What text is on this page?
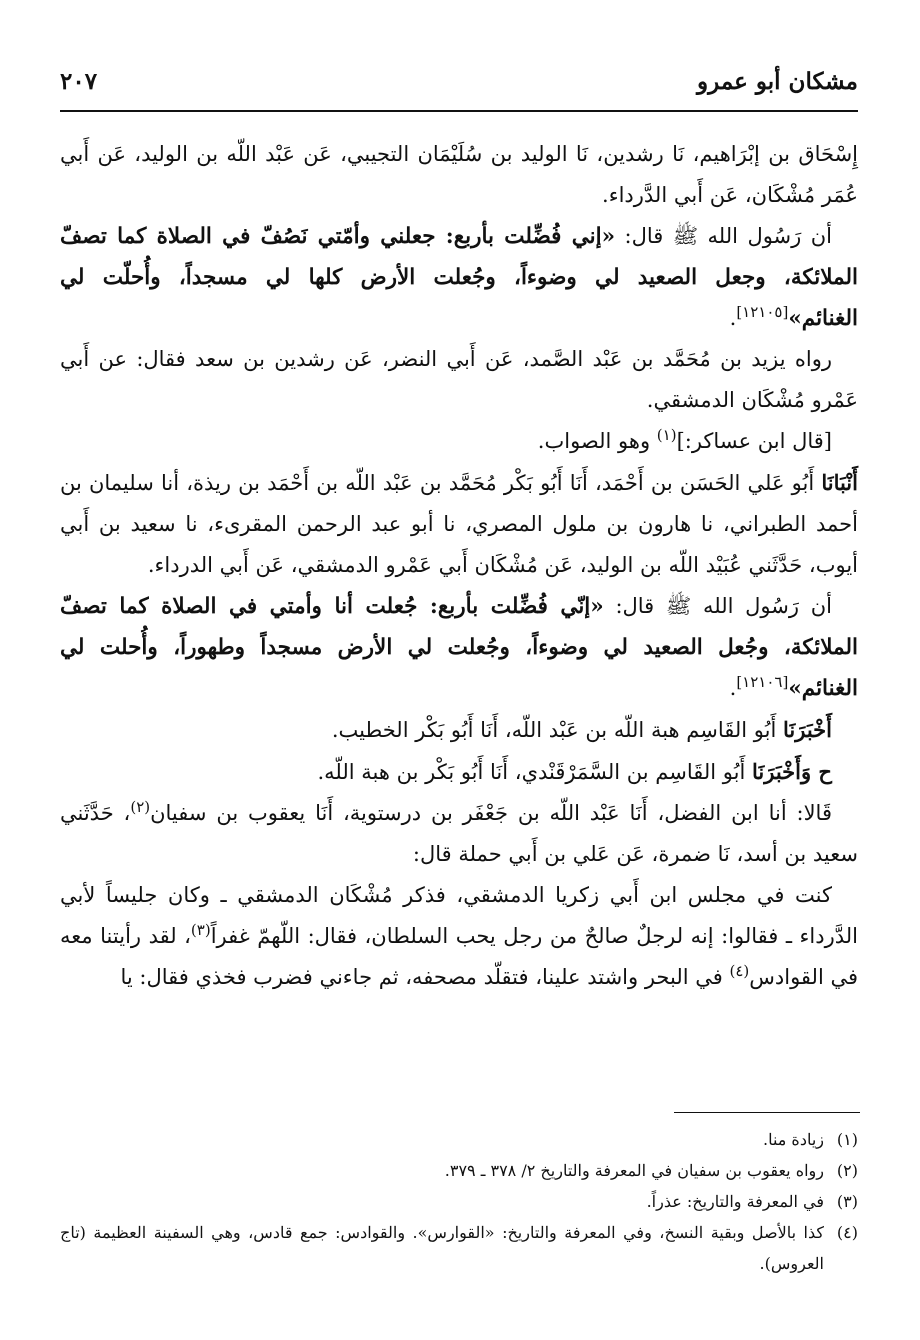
مشكان أبو عمرو
٢٠٧

إِسْحَاق بن إبْرَاهيم، نَا رشدين، نَا الوليد بن سُلَيْمَان التجيبي، عَن عَبْد اللّه بن الوليد، عَن أَبي عُمَر مُشْكَان، عَن أَبي الدَّرداء.

أن رَسُول الله ﷺ قال: «إني فُضِّلت بأربع: جعلني وأمّتي نَصُفّ في الصلاة كما تصفّ الملائكة، وجعل الصعيد لي وضوءاً، وجُعلت الأرض كلها لي مسجداً، وأُحلّت لي الغنائم»[١٢١٠٥].

رواه يزيد بن مُحَمَّد بن عَبْد الصَّمد، عَن أَبي النضر، عَن رشدين بن سعد فقال: عن أَبي عَمْرو مُشْكَان الدمشقي.

[قال ابن عساكر:]$^{(١)}$ وهو الصواب.

أَنْبَانَا أَبُو عَلي الحَسَن بن أَحْمَد، أَنَا أَبُو بَكْر مُحَمَّد بن عَبْد اللّه بن أَحْمَد بن ريذة، أنا سليمان بن أحمد الطبراني، نا هارون بن ملول المصري، نا أبو عبد الرحمن المقرىء، نا سعيد بن أَبي أيوب، حَدَّثَني عُبَيْد اللّه بن الوليد، عَن مُشْكَان أَبي عَمْرو الدمشقي، عَن أَبي الدرداء.

أن رَسُول الله ﷺ قال: «إنّي فُضِّلت بأربع: جُعلت أنا وأمتي في الصلاة كما تصفّ الملائكة، وجُعل الصعيد لي وضوءاً، وجُعلت لي الأرض مسجداً وطهوراً، وأُحلت لي الغنائم»[١٢١٠٦].

أَخْبَرَنَا أَبُو القَاسِم هبة اللّه بن عَبْد اللّه، أَنَا أَبُو بَكْر الخطيب.

ح وَأَخْبَرَنَا أَبُو القَاسِم بن السَّمَرْقَنْدي، أَنَا أَبُو بَكْر بن هبة اللّه.

قَالا: أنا ابن الفضل، أَنَا عَبْد اللّه بن جَعْفَر بن درستوية، أَنَا يعقوب بن سفيان$^{(٢)}$، حَدَّثَني سعيد بن أسد، نَا ضمرة، عَن عَلي بن أَبي حملة قال:

كنت في مجلس ابن أَبي زكريا الدمشقي، فذكر مُشْكَان الدمشقي ـ وكان جليساً لأبي الدَّرداء ـ فقالوا: إنه لرجلٌ صالحٌ من رجل يحب السلطان، فقال: اللّهمّ غفراً$^{(٣)}$، لقد رأيتنا معه في القوادس$^{(٤)}$ في البحر واشتد علينا، فتقلّد مصحفه، ثم جاءني فضرب فخذي فقال: يا

(١)
زيادة منا.
(٢)
رواه يعقوب بن سفيان في المعرفة والتاريخ ٢/ ٣٧٨ ـ ٣٧٩.
(٣)
في المعرفة والتاريخ: عذراً.
(٤)
كذا بالأصل وبقية النسخ، وفي المعرفة والتاريخ: «القوارس». والقوادس: جمع قادس، وهي السفينة العظيمة (تاج العروس).
